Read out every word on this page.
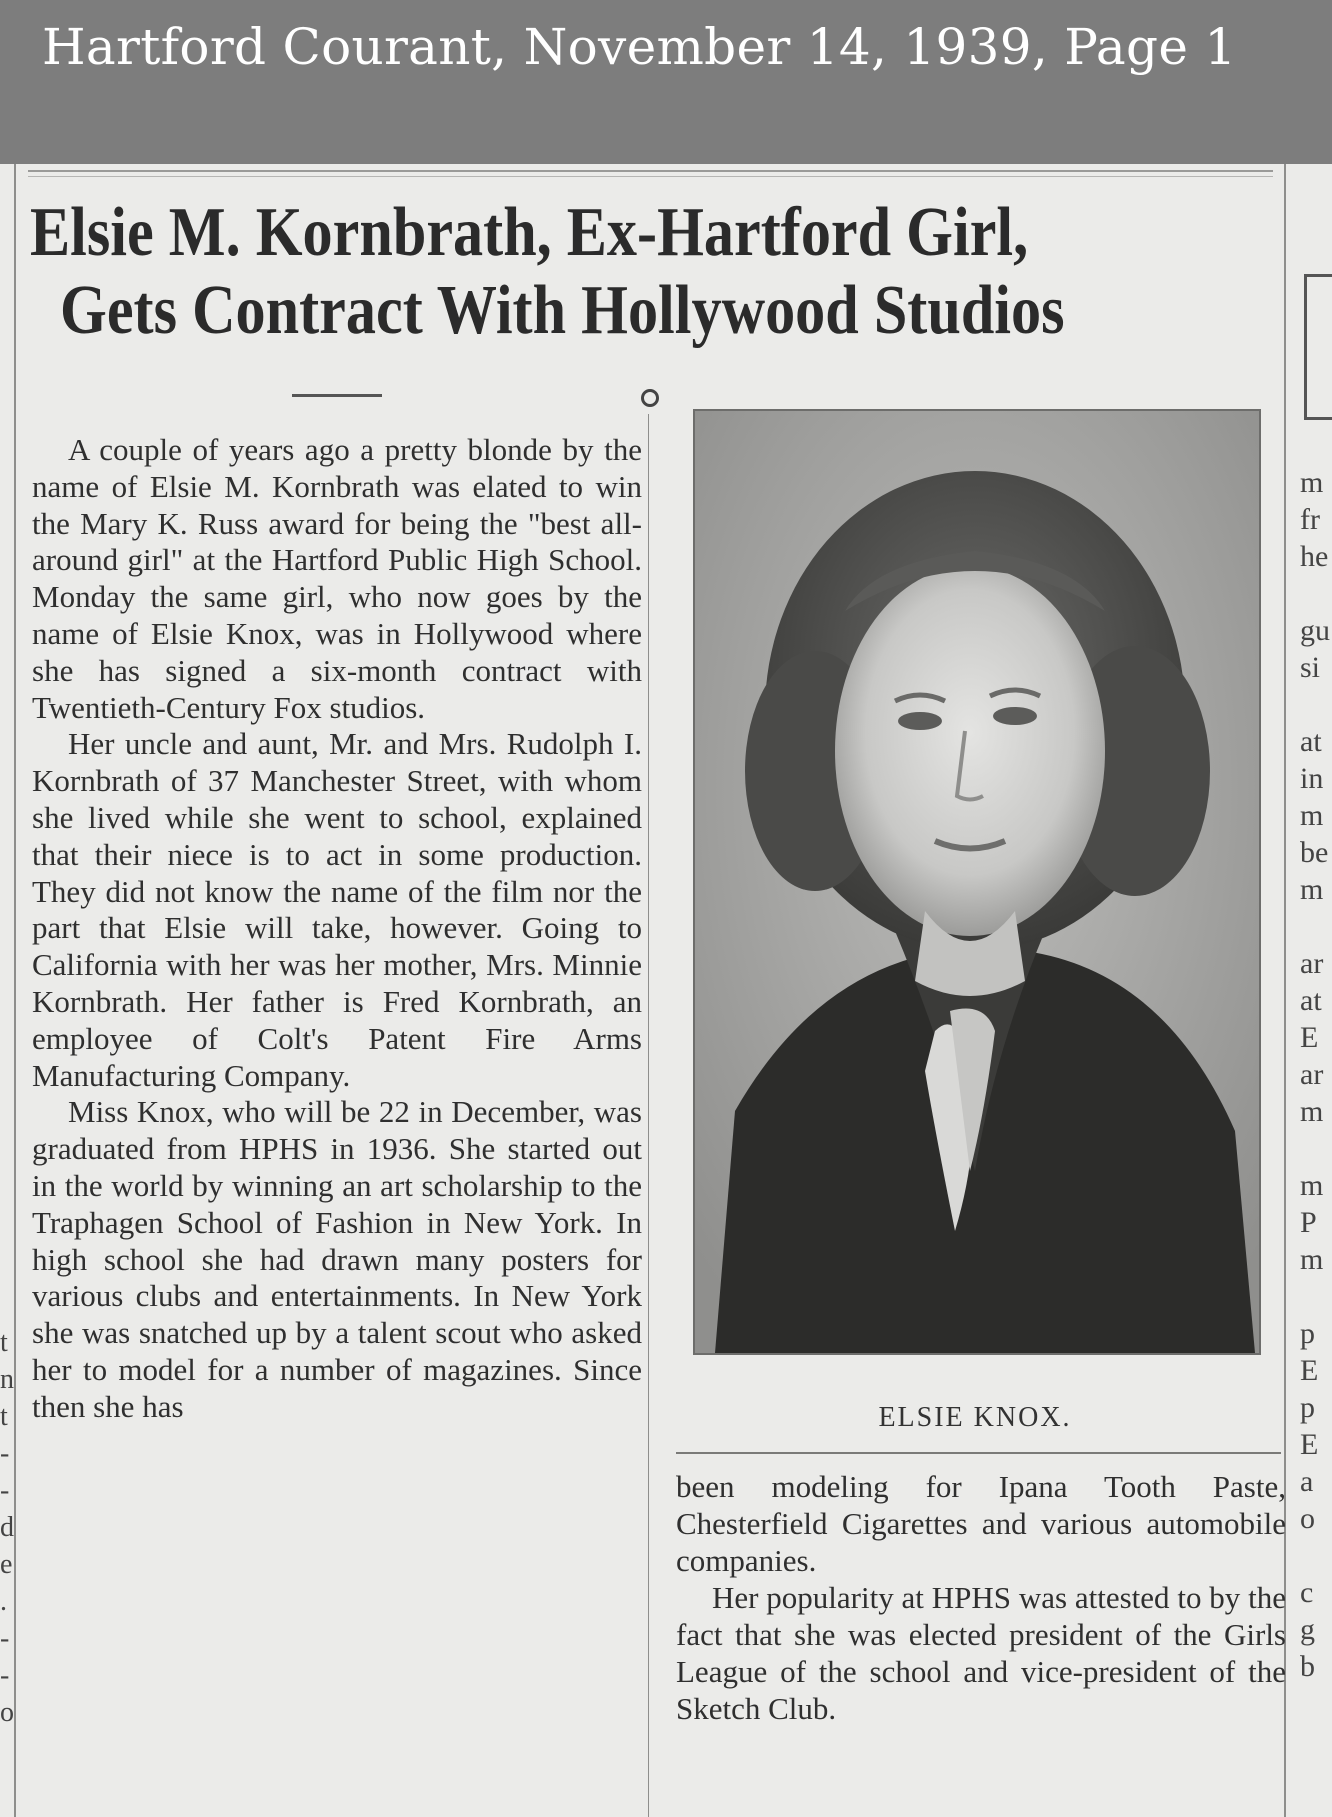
Hartford Courant, November 14, 1939, Page 1
Elsie M. Kornbrath, Ex-Hartford Girl,
Gets Contract With Hollywood Studios

A couple of years ago a pretty blonde by the name of Elsie M. Kornbrath was elated to win the Mary K. Russ award for being the "best all-around girl" at the Hartford Public High School. Monday the same girl, who now goes by the name of Elsie Knox, was in Hollywood where she has signed a six-month contract with Twentieth-Century Fox studios.

Her uncle and aunt, Mr. and Mrs. Rudolph I. Kornbrath of 37 Manchester Street, with whom she lived while she went to school, explained that their niece is to act in some production. They did not know the name of the film nor the part that Elsie will take, however. Going to California with her was her mother, Mrs. Minnie Kornbrath. Her father is Fred Kornbrath, an employee of Colt's Patent Fire Arms Manufacturing Company.

Miss Knox, who will be 22 in December, was graduated from HPHS in 1936. She started out in the world by winning an art scholarship to the Traphagen School of Fashion in New York. In high school she had drawn many posters for various clubs and entertainments. In New York she was snatched up by a talent scout who asked her to model for a number of magazines. Since then she has	ELSIE KNOX.

been modeling for Ipana Tooth Paste, Chesterfield Cigarettes and various automobile companies.

Her popularity at HPHS was attested to by the fact that she was elected president of the Girls League of the school and vice-president of the Sketch Club.

m
fr
he
gu
si
at
in
m
be
m
ar
at
E
ar
m
m
P
m
p
E
p
E
a
o
c
g
b
t
n
t
-
-
d
e
.
-
-
o
